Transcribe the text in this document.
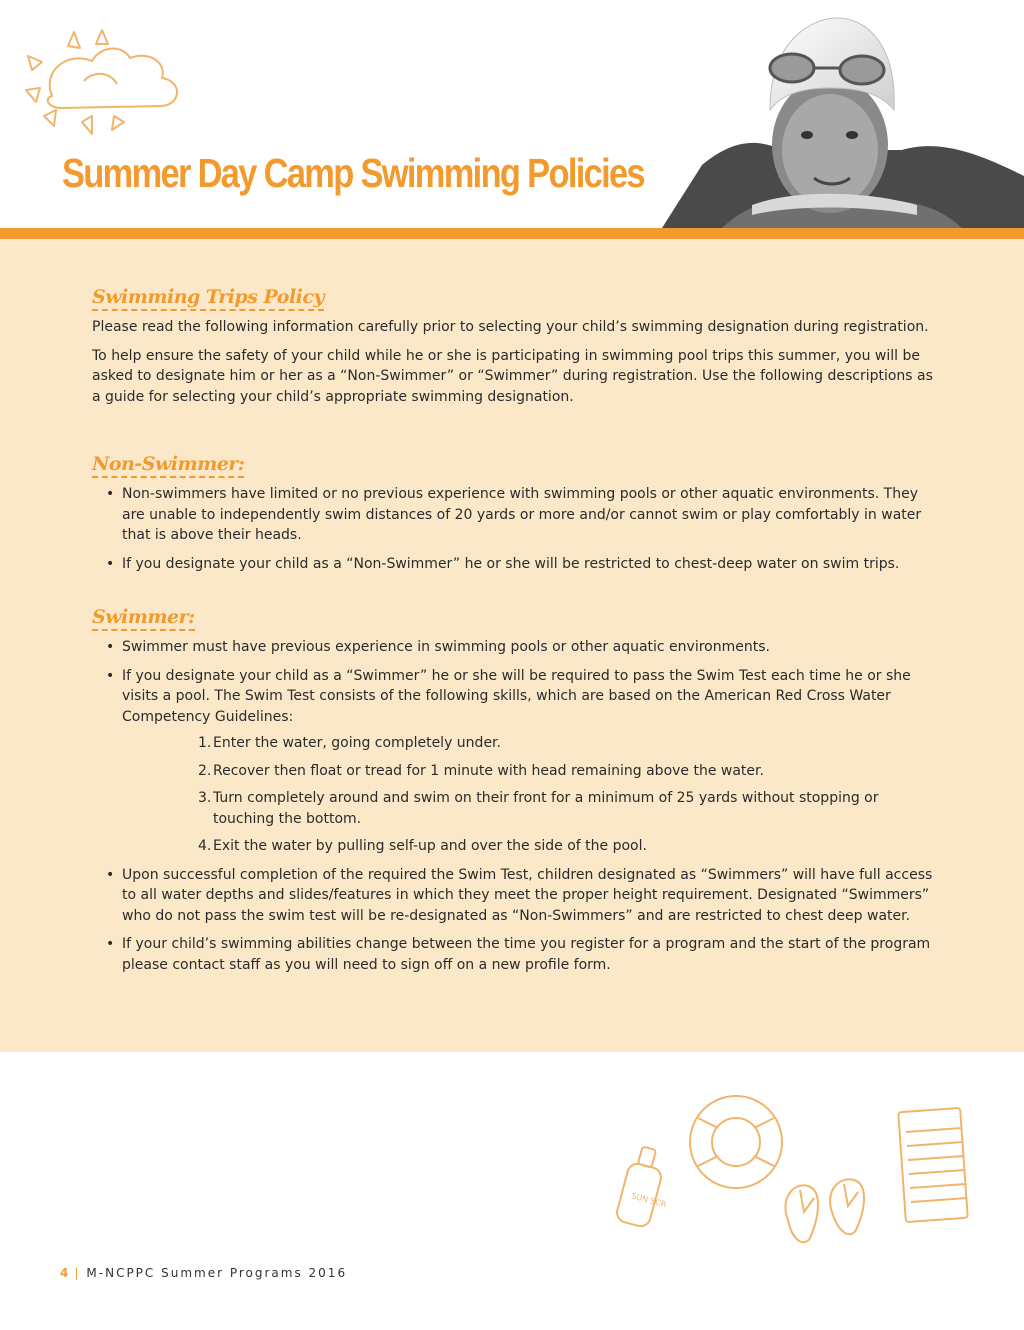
Summer Day Camp Swimming Policies
Swimming Trips Policy

Please read the following information carefully prior to selecting your child’s swimming designation during registration.

To help ensure the safety of your child while he or she is participating in swimming pool trips this summer, you will be asked to designate him or her as a “Non-Swimmer” or “Swimmer” during registration. Use the following descriptions as a guide for selecting your child’s appropriate swimming designation.

Non-Swimmer:
• Non-swimmers have limited or no previous experience with swimming pools or other aquatic environments. They are unable to independently swim distances of 20 yards or more and/or cannot swim or play comfortably in water that is above their heads.
• If you designate your child as a “Non-Swimmer” he or she will be restricted to chest-deep water on swim trips.
Swimmer:
• Swimmer must have previous experience in swimming pools or other aquatic environments.
• If you designate your child as a “Swimmer” he or she will be required to pass the Swim Test each time he or she visits a pool. The Swim Test consists of the following skills, which are based on the American Red Cross Water Competency Guidelines:
1. Enter the water, going completely under.
2. Recover then float or tread for 1 minute with head remaining above the water.
3. Turn completely around and swim on their front for a minimum of 25 yards without stopping or touching the bottom.
4. Exit the water by pulling self-up and over the side of the pool.
• Upon successful completion of the required the Swim Test, children designated as “Swimmers” will have full access to all water depths and slides/features in which they meet the proper height requirement. Designated “Swimmers” who do not pass the swim test will be re-designated as “Non-Swimmers” and are restricted to chest deep water.
• If your child’s swimming abilities change between the time you register for a program and the start of the program please contact staff as you will need to sign off on a new profile form.
SUN SCR
4 | M-NCPPC Summer Programs 2016
